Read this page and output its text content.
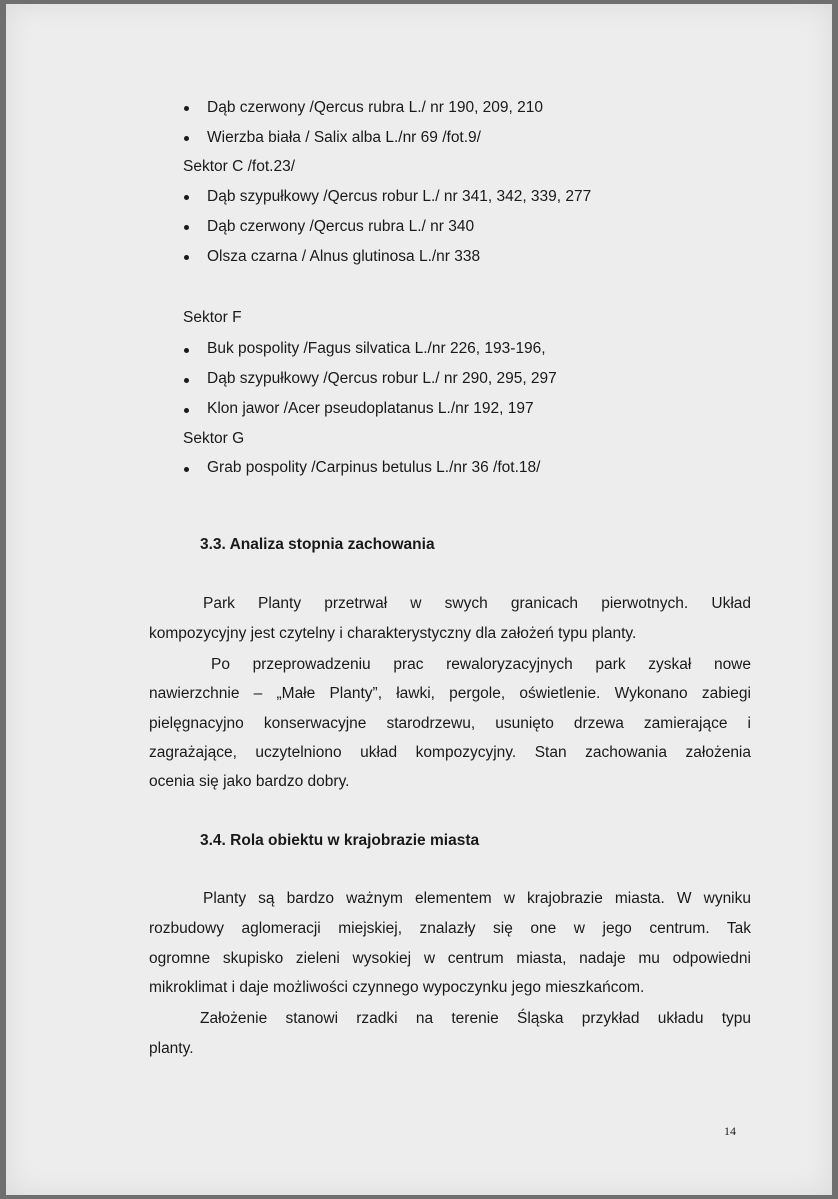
Dąb czerwony /Qercus rubra L./ nr 190, 209, 210
Wierzba biała / Salix alba L./nr 69 /fot.9/
Sektor C /fot.23/
Dąb szypułkowy /Qercus robur L./ nr 341, 342, 339, 277
Dąb czerwony /Qercus rubra L./ nr 340
Olsza czarna / Alnus glutinosa L./nr 338
Sektor F
Buk pospolity /Fagus silvatica L./nr 226, 193-196,
Dąb szypułkowy /Qercus robur L./ nr 290, 295, 297
Klon jawor /Acer pseudoplatanus L./nr 192, 197
Sektor G
Grab pospolity /Carpinus betulus L./nr 36 /fot.18/
3.3. Analiza stopnia zachowania
Park Planty przetrwał w swych granicach pierwotnych. Układ
kompozycyjny jest czytelny i charakterystyczny dla założeń typu planty.
Po przeprowadzeniu prac rewaloryzacyjnych park zyskał nowe
nawierzchnie – „Małe Planty”, ławki, pergole, oświetlenie. Wykonano zabiegi
pielęgnacyjno konserwacyjne starodrzewu, usunięto drzewa zamierające i
zagrażające, uczytelniono układ kompozycyjny. Stan zachowania założenia
ocenia się jako bardzo dobry.
3.4. Rola obiektu w krajobrazie miasta
Planty są bardzo ważnym elementem w krajobrazie miasta. W wyniku
rozbudowy aglomeracji miejskiej, znalazły się one w jego centrum. Tak
ogromne skupisko zieleni wysokiej w centrum miasta, nadaje mu odpowiedni
mikroklimat i daje możliwości czynnego wypoczynku jego mieszkańcom.
Założenie stanowi rzadki na terenie Śląska przykład układu typu
planty.
14
